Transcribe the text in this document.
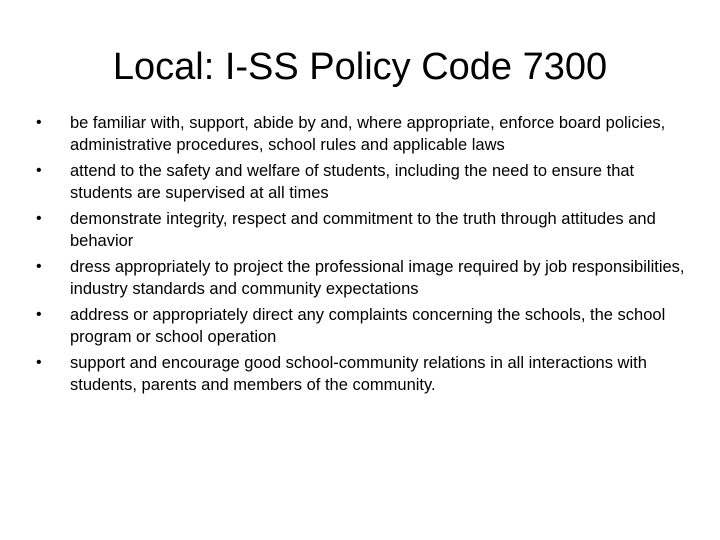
Local: I-SS Policy Code 7300
•	be familiar with, support, abide by and, where appropriate, enforce board policies, administrative procedures, school rules and applicable laws
•	attend to the safety and welfare of students, including the need to ensure that students are supervised at all times
•	demonstrate integrity, respect and commitment to the truth through attitudes and behavior
•	dress appropriately to project the professional image required by job responsibilities, industry standards and community expectations
•	address or appropriately direct any complaints concerning the schools, the school program or school operation
•	support and encourage good school-community relations in all interactions with students, parents and members of the community.
